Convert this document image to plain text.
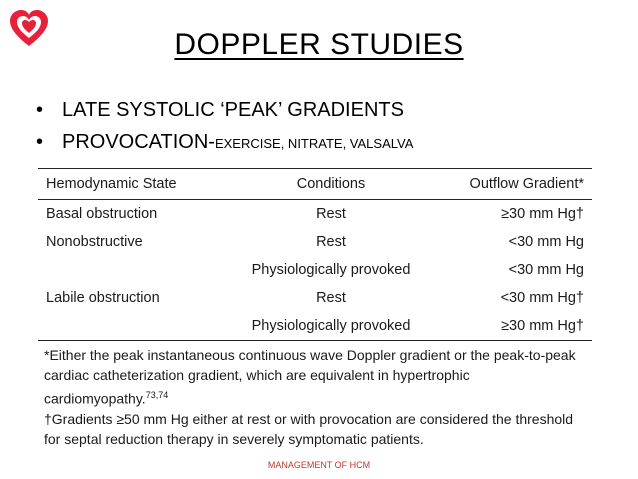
DOPPLER STUDIES
• LATE SYSTOLIC ‘PEAK’ GRADIENTS
• PROVOCATION-EXERCISE, NITRATE, VALSALVA
Hemodynamic State	Conditions	Outflow Gradient*
Basal obstruction	Rest	≥30 mm Hg†
Nonobstructive	Rest	<30 mm Hg
	Physiologically provoked	<30 mm Hg
Labile obstruction	Rest	<30 mm Hg†
	Physiologically provoked	≥30 mm Hg†

*Either the peak instantaneous continuous wave Doppler gradient or the peak-to-peak cardiac catheterization gradient, which are equivalent in hypertrophic cardiomyopathy.$^{73,74}$

†Gradients ≥50 mm Hg either at rest or with provocation are considered the threshold for septal reduction therapy in severely symptomatic patients.

MANAGEMENT OF HCM
